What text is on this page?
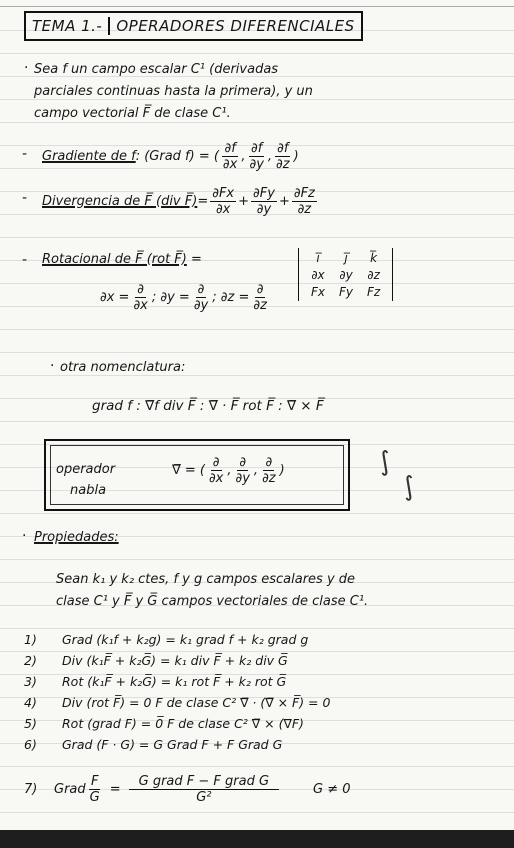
TEMA 1.- OPERADORES DIFERENCIALES
· Sea f un campo escalar C¹ (derivadas
parciales continuas hasta la primera), y un
campo vectorial F̅ de clase C¹.
- Gradiente de f : (Grad f) = ( $\frac{\partial f}{\partial x}$ , $\frac{\partial f}{\partial y}$ , $\frac{\partial f}{\partial z}$ )
- Divergencia de F̅ (div F̅) = $\frac{\partial Fx}{\partial x} + \frac{\partial Fy}{\partial y} + \frac{\partial Fz}{\partial z}$
- Rotacional de F̅ (rot F̅) =	i̅	j̅	k̅
∂x	∂y	∂z
Fx	Fy	Fz
$\partial x = \frac{\partial}{\partial x}$ ; $\partial y = \frac{\partial}{\partial y}$ ; $\partial z = \frac{\partial}{\partial z}$
· otra nomenclatura:
grad f : ∇̅f div F̅ : ∇̅ · F̅ rot F̅ : ∇̅ × F̅
operador
nabla
∇̅ = ( $\frac{\partial}{\partial x}$ , $\frac{\partial}{\partial y}$ , $\frac{\partial}{\partial z}$ )	∫
∫
· Propiedades:
Sean k₁ y k₂ ctes, f y g campos escalares y de
clase C¹ y F̅ y G̅ campos vectoriales de clase C¹.
1) Grad (k₁f + k₂g) = k₁ grad f + k₂ grad g
2) Div (k₁F̅ + k₂G̅) = k₁ div F̅ + k₂ div G̅
3) Rot (k₁F̅ + k₂G̅) = k₁ rot F̅ + k₂ rot G̅
4) Div (rot F̅) = 0 F de clase C² ∇̅ · (∇̅ × F̅) = 0
5) Rot (grad F) = 0̅ F de clase C² ∇̅ × (∇F)
6) Grad (F · G) = G Grad F + F Grad G
7)	Grad $\frac{F}{G} = \frac{\text{G grad F − F grad G}}{\text{G²}}$	G ≠ 0
